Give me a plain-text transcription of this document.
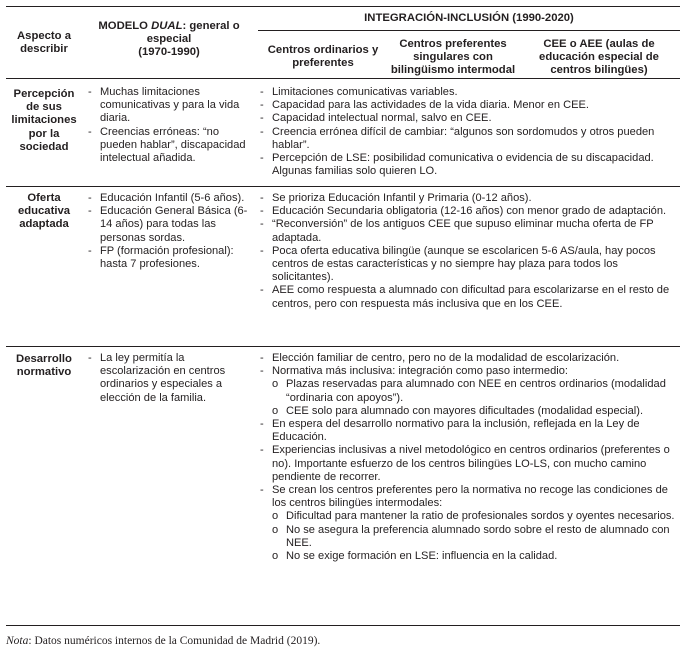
Aspecto a describir
MODELO DUAL: general o especial
(1970-1990)
INTEGRACIÓN-INCLUSIÓN (1990-2020)
Centros ordinarios y preferentes
Centros preferentes singulares con bilingüismo intermodal
CEE o AEE (aulas de educación especial de centros bilingües)
Percepción de sus limitaciones por la sociedad
- Muchas limitaciones comunicativas y para la vida diaria.
- Creencias erróneas: “no pueden hablar”, discapacidad intelectual añadida.
- Limitaciones comunicativas variables.
- Capacidad para las actividades de la vida diaria. Menor en CEE.
- Capacidad intelectual normal, salvo en CEE.
- Creencia errónea difícil de cambiar: “algunos son sordomudos y otros pueden hablar”.
- Percepción de LSE: posibilidad comunicativa o evidencia de su discapacidad. Algunas familias solo quieren LO.
Oferta educativa adaptada
- Educación Infantil (5-6 años).
- Educación General Básica (6-14 años) para todas las personas sordas.
- FP (formación profesional): hasta 7 profesiones.
- Se prioriza Educación Infantil y Primaria (0-12 años).
- Educación Secundaria obligatoria (12-16 años) con menor grado de adaptación.
- “Reconversión” de los antiguos CEE que supuso eliminar mucha oferta de FP adaptada.
- Poca oferta educativa bilingüe (aunque se escolaricen 5-6 AS/aula, hay pocos centros de estas características y no siempre hay plaza para todos los solicitantes).
- AEE como respuesta a alumnado con dificultad para escolarizarse en el resto de centros, pero con respuesta más inclusiva que en los CEE.
Desarrollo normativo
- La ley permitía la escolarización en centros ordinarios y especiales a elección de la familia.
- Elección familiar de centro, pero no de la modalidad de escolarización.
- Normativa más inclusiva: integración como paso intermedio:
o Plazas reservadas para alumnado con NEE en centros ordinarios (modalidad “ordinaria con apoyos”).
o CEE solo para alumnado con mayores dificultades (modalidad especial).
- En espera del desarrollo normativo para la inclusión, reflejada en la Ley de Educación.
- Experiencias inclusivas a nivel metodológico en centros ordinarios (preferentes o no). Importante esfuerzo de los centros bilingües LO-LS, con mucho camino pendiente de recorrer.
- Se crean los centros preferentes pero la normativa no recoge las condiciones de los centros bilingües intermodales:
o Dificultad para mantener la ratio de profesionales sordos y oyentes necesarios.
o No se asegura la preferencia alumnado sordo sobre el resto de alumnado con NEE.
o No se exige formación en LSE: influencia en la calidad.
Nota: Datos numéricos internos de la Comunidad de Madrid (2019).
